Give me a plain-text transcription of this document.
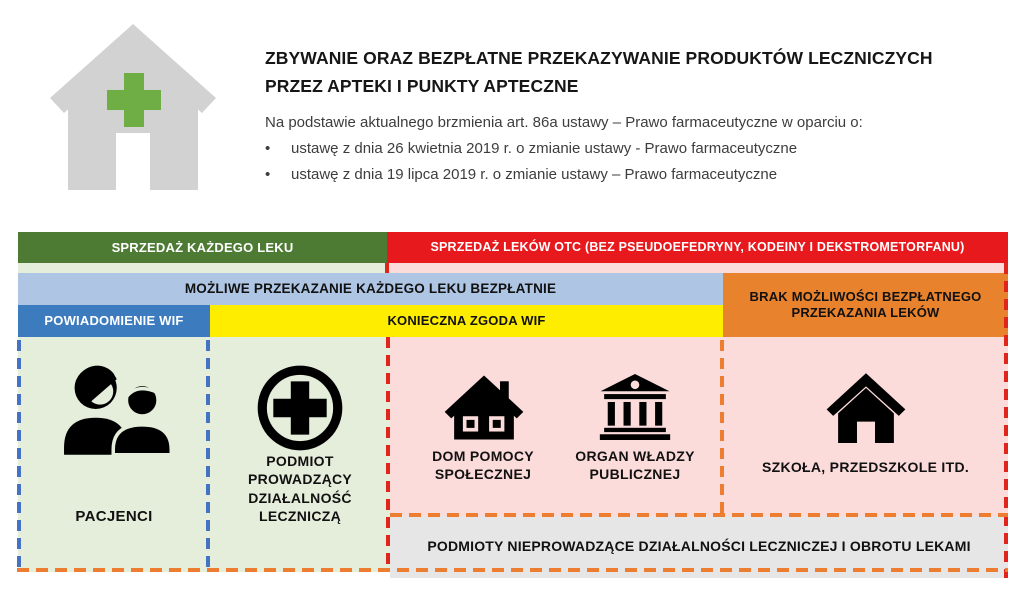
ZBYWANIE ORAZ BEZPŁATNE PRZEKAZYWANIE PRODUKTÓW LECZNICZYCH
PRZEZ APTEKI I PUNKTY APTECZNE
Na podstawie aktualnego brzmienia art. 86a ustawy – Prawo farmaceutyczne w oparciu o:
•	ustawę z dnia 26 kwietnia 2019 r. o zmianie ustawy - Prawo farmaceutyczne
•	ustawę z dnia 19 lipca 2019 r. o zmianie ustawy – Prawo farmaceutyczne
SPRZEDAŻ KAŻDEGO LEKU	SPRZEDAŻ LEKÓW OTC (BEZ PSEUDOEFEDRYNY, KODEINY I DEKSTROMETORFANU)
MOŻLIWE PRZEKAZANIE KAŻDEGO LEKU BEZPŁATNIE
BRAK MOŻLIWOŚCI BEZPŁATNEGO PRZEKAZANIA LEKÓW
POWIADOMIENIE WIF	KONIECZNA ZGODA WIF
PODMIOTY NIEPROWADZĄCE DZIAŁALNOŚCI LECZNICZEJ I OBROTU LEKAMI
PACJENCI
PODMIOT PROWADZĄCY DZIAŁALNOŚĆ LECZNICZĄ
DOM POMOCY SPOŁECZNEJ
ORGAN WŁADZY PUBLICZNEJ	SZKOŁA, PRZEDSZKOLE ITD.
